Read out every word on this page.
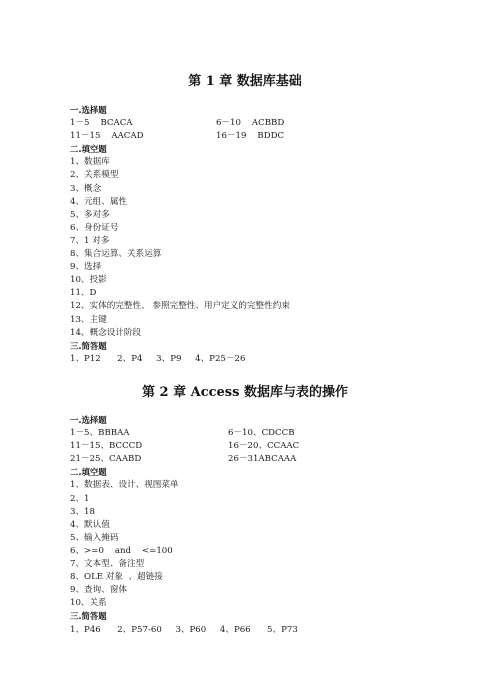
第 1 章 数据库基础
一.选择题
1－5    BCACA	6－10    ACBBD
11－15    AACAD	16－19    BDDC
二.填空题
1、数据库
2、关系模型
3、概念
4、元组、属性
5、多对多
6、身份证号
7、1 对多
8、集合运算、关系运算
9、选择
10、投影
11、D
12、实体的完整性、 参照完整性、用户定义的完整性约束
13、主键
14、概念设计阶段
三.简答题
1、P12      2、P4     3、P9     4、P25－26
第 2 章 Access 数据库与表的操作
一.选择题
1－5、BBBAA	6－10、CDCCB
11－15、BCCCD	16－20、CCAAC
21－25、CAABD	26－31ABCAAA
二.填空题
1、数据表、设计、视图菜单
2、1
3、18
4、默认值
5、输入掩码
6、>=0    and    <=100
7、文本型、备注型
8、OLE 对象  、超链接
9、查询、窗体
10、关系
三.简答题
1、P46      2、P57-60     3、P60     4、P66      5、P73
